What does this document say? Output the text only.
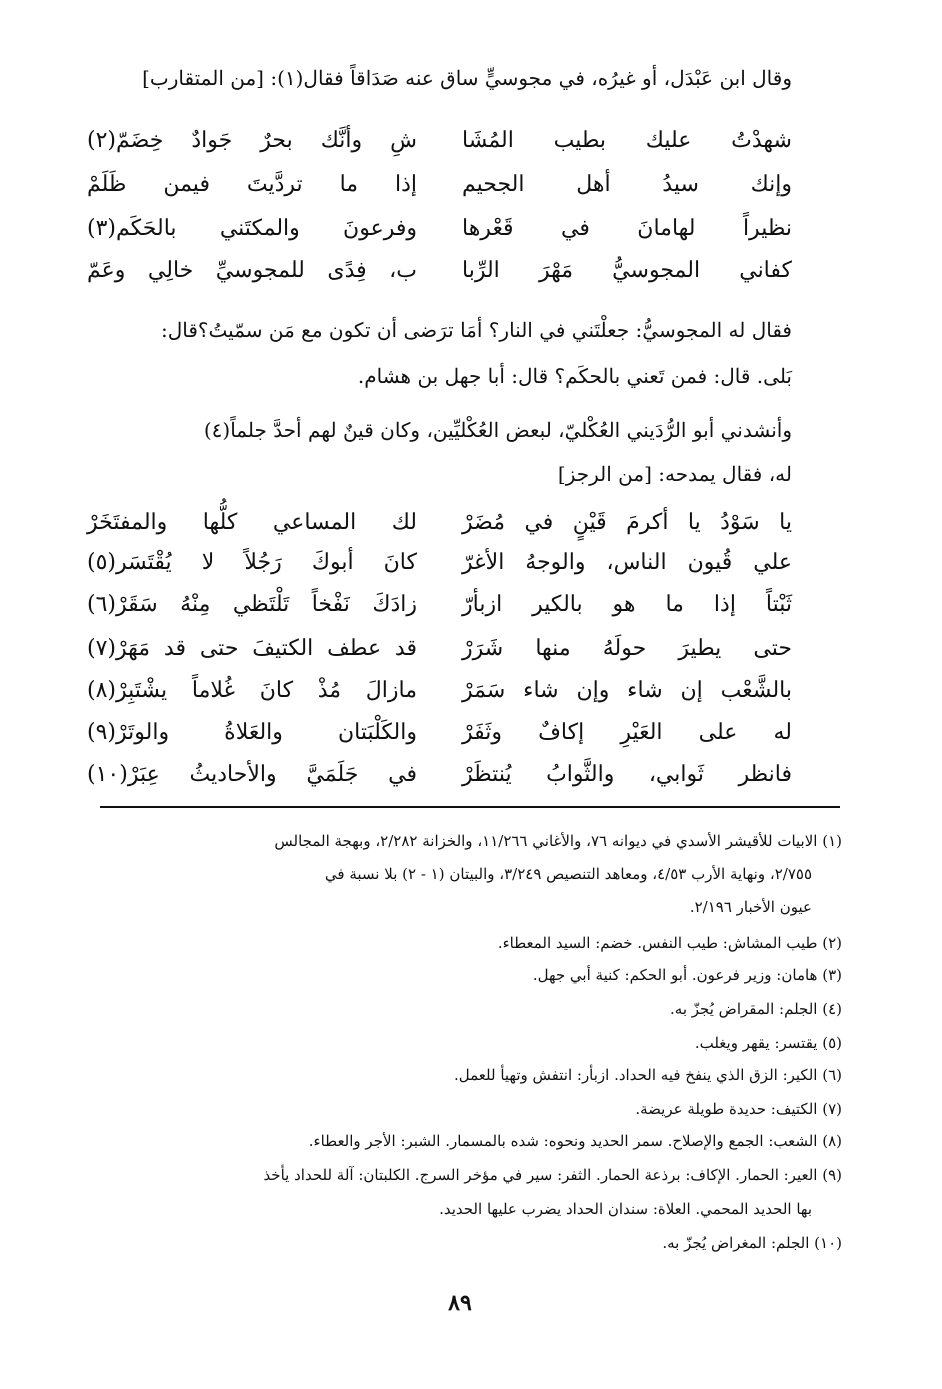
وقال ابن عَبْدَل، أو غيرُه، في مجوسيٍّ ساق عنه صَدَاقاً فقال(١): [من المتقارب]
شهدْتُ عليك بطيب المُشَا
شِ وأنَّك بحرٌ جَوادٌ خِضَمّ(٢)
وإنك سيدُ أهل الجحيم
إذا ما تردَّيتَ فيمن ظَلَمْ
نظيراً لهامانَ في قَعْرها
وفرعونَ والمكتَني بالحَكَم(٣)
كفاني المجوسيُّ مَهْرَ الرِّبا
ب، فِدًى للمجوسيِّ خالِي وعَمّ
فقال له المجوسيُّ: جعلْتَني في النار؟ أمَا ترَضى أن تكون مع مَن سمّيتُ؟قال:
بَلى. قال: فمن تَعني بالحكَم؟ قال: أبا جهل بن هشام.
وأنشدني أبو الرُّدَيني العُكْليّ، لبعض العُكْليِّين، وكان قينٌ لهم أحدَّ جلماً(٤)
له، فقال يمدحه: [من الرجز]
يا سَوْدُ يا أكرمَ قَيْنٍ في مُضَرْ
لك المساعي كلُّها والمفتَخَرْ
علي قُيون الناس، والوجهُ الأغرّ
كانَ أبوكَ رَجُلاً لا يُقْتَسَر(٥)
ثَبْتاً إذا ما هو بالكير ازبأرّ
زادَكَ نَفْخاً تَلْتَظي مِنْهُ سَقَرْ(٦)
حتى يطيرَ حولَهُ منها شَرَرْ
قد عطف الكتيفَ حتى قد مَهَرْ(٧)
بالشَّعْب إن شاء وإن شاء سَمَرْ
مازالَ مُذْ كانَ غُلاماً يشْتَبِرْ(٨)
له على العَيْرِ إكافٌ وثَفَرْ
والكَلْبَتان والعَلاةُ والوتَرْ(٩)
فانظر ثَوابي، والثَّوابُ يُنتظَرْ
في جَلَمَيَّ والأحاديثُ عِبَرْ(١٠)
(١) الابيات للأقيشر الأسدي في ديوانه ٧٦، والأغاني ١١/٢٦٦، والخزانة ٢/٢٨٢، وبهجة المجالس
٢/٧٥٥، ونهاية الأرب ٤/٥٣، ومعاهد التنصيص ٣/٢٤٩، والبيتان (١ - ٢) بلا نسبة في
عيون الأخبار ٢/١٩٦.
(٢) طيب المشاش: طيب النفس. خضم: السيد المعطاء.
(٣) هامان: وزير فرعون. أبو الحكم: كنية أبي جهل.
(٤) الجلم: المقراض يُجزّ به.
(٥) يقتسر: يقهر ويغلب.
(٦) الكير: الزق الذي ينفخ فيه الحداد. ازبأر: انتفش وتهيأ للعمل.
(٧) الكتيف: حديدة طويلة عريضة.
(٨) الشعب: الجمع والإصلاح. سمر الحديد ونحوه: شده بالمسمار. الشبر: الأجر والعطاء.
(٩) العير: الحمار. الإكاف: برذعة الحمار. الثفر: سير في مؤخر السرج. الكلبتان: آلة للحداد يأخذ
بها الحديد المحمي. العلاة: سندان الحداد يضرب عليها الحديد.
(١٠) الجلم: المغراض يُجزّ به.
٨٩
